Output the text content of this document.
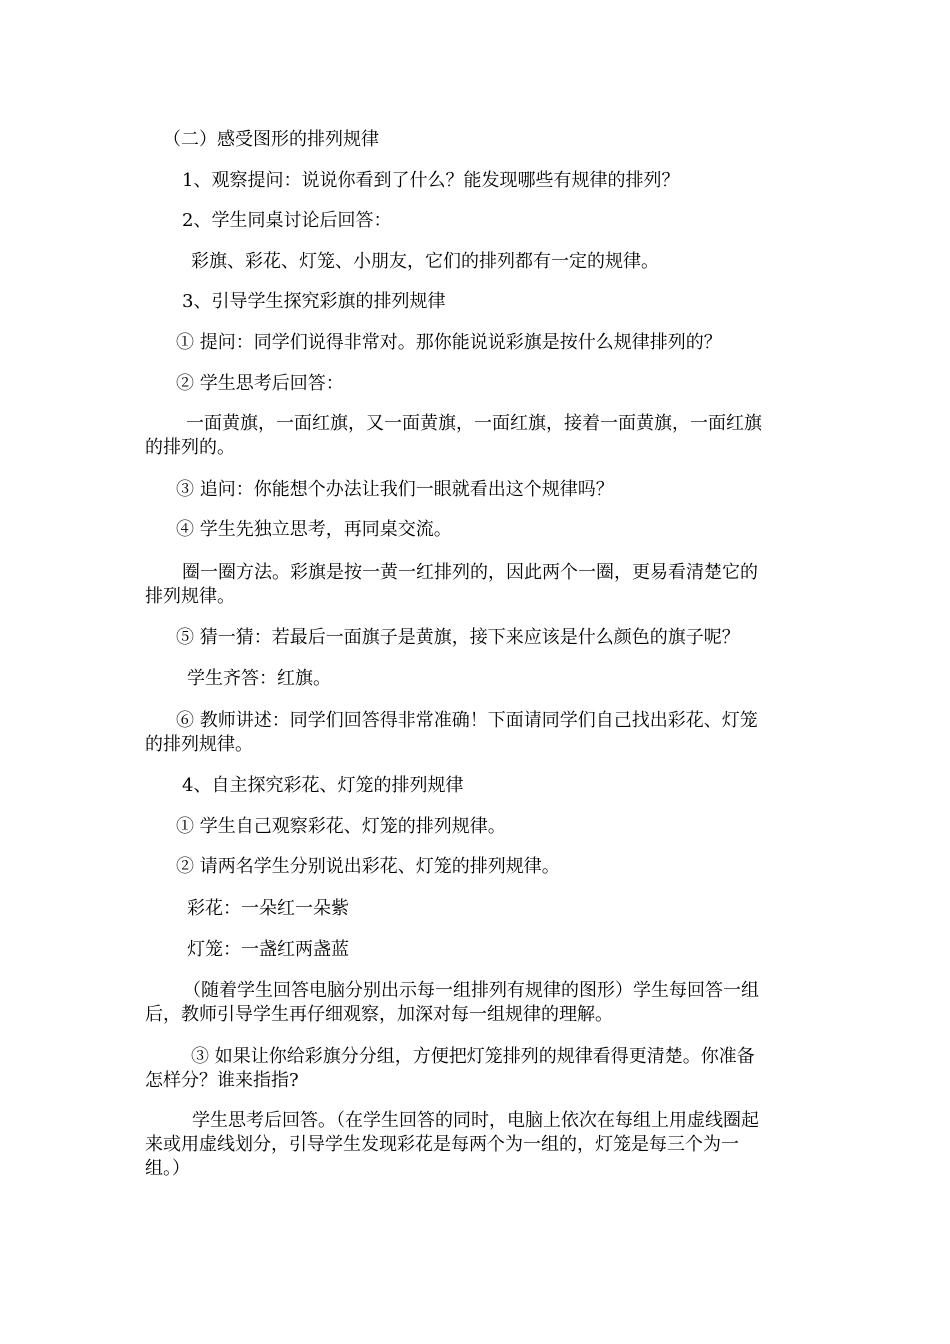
（二）感受图形的排列规律
1、观察提问：说说你看到了什么？能发现哪些有规律的排列？
2、学生同桌讨论后回答：
彩旗、彩花、灯笼、小朋友，它们的排列都有一定的规律。
3、引导学生探究彩旗的排列规律
① 提问：同学们说得非常对。那你能说说彩旗是按什么规律排列的？
② 学生思考后回答：
一面黄旗，一面红旗，又一面黄旗，一面红旗，接着一面黄旗，一面红旗
的排列的。
③ 追问：你能想个办法让我们一眼就看出这个规律吗？
④ 学生先独立思考，再同桌交流。
圈一圈方法。彩旗是按一黄一红排列的，因此两个一圈，更易看清楚它的
排列规律。
⑤ 猜一猜：若最后一面旗子是黄旗，接下来应该是什么颜色的旗子呢？
学生齐答：红旗。
⑥ 教师讲述：同学们回答得非常准确！下面请同学们自己找出彩花、灯笼
的排列规律。
4、自主探究彩花、灯笼的排列规律
① 学生自己观察彩花、灯笼的排列规律。
② 请两名学生分别说出彩花、灯笼的排列规律。
彩花：一朵红一朵紫
灯笼：一盏红两盏蓝
（随着学生回答电脑分别出示每一组排列有规律的图形）学生每回答一组
后，教师引导学生再仔细观察，加深对每一组规律的理解。
③ 如果让你给彩旗分分组，方便把灯笼排列的规律看得更清楚。你准备
怎样分？谁来指指?
学生思考后回答。（在学生回答的同时，电脑上依次在每组上用虚线圈起
来或用虚线划分，引导学生发现彩花是每两个为一组的，灯笼是每三个为一
组。）
